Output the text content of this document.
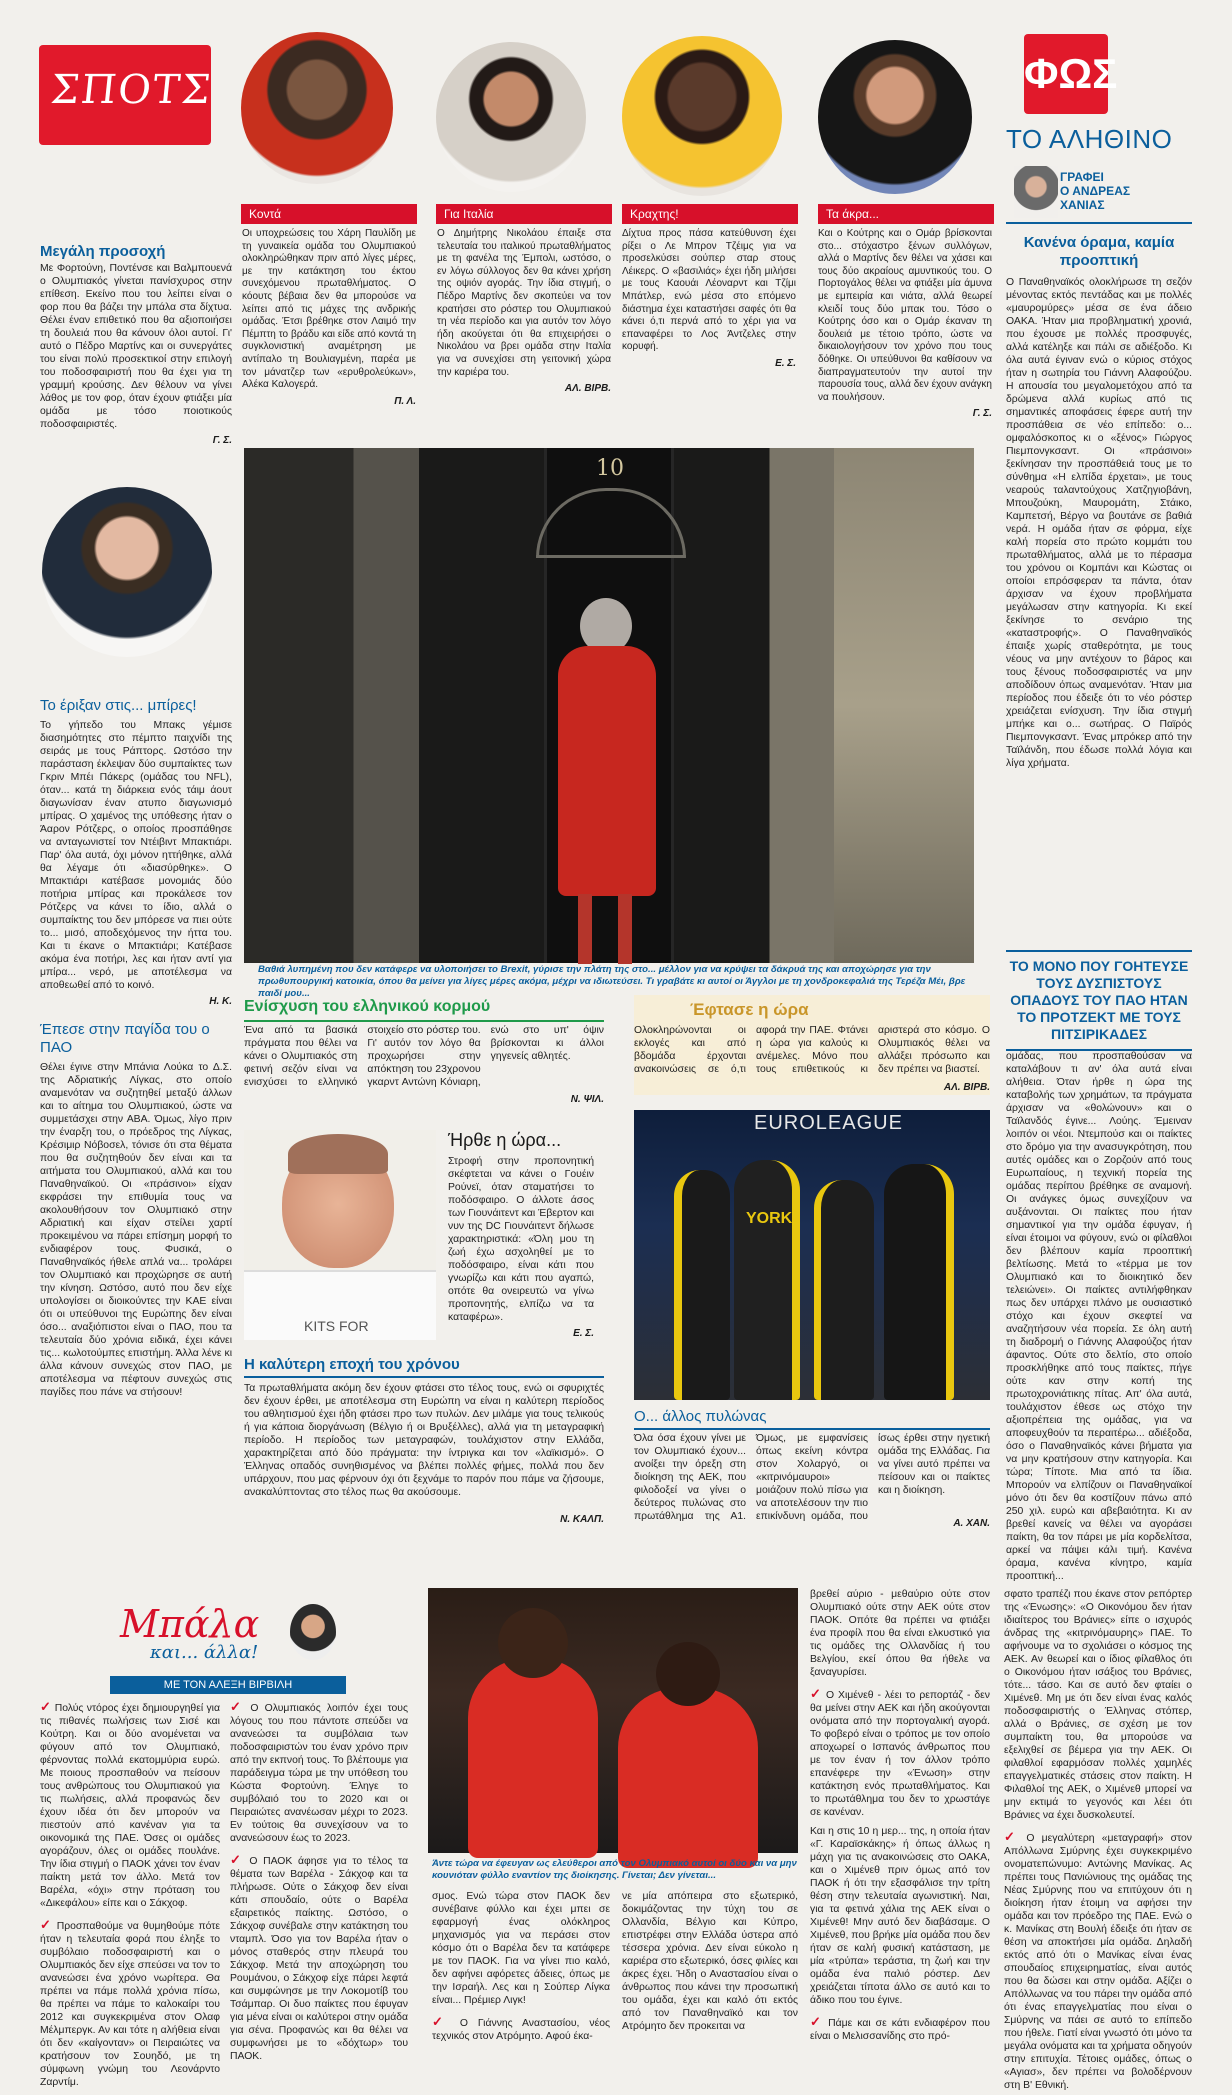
ΣΠΟΤΣ
Κοντά	Για Ιταλία	Κραχτης!	Τα άκρα...
ΦΩΣ
ΤΟ ΑΛΗΘΙΝΟ
ΓΡΑΦΕΙ
Ο ΑΝΔΡΕΑΣ
ΧΑΝΙΑΣ
Μεγάλη προσοχή

Με Φορτούνη, Ποντένσε και Βαλμπουενά ο Ολυμπιακός γίνεται πανίσχυρος στην επίθεση. Εκείνο που του λείπει είναι ο φορ που θα βάζει την μπάλα στα δίχτυα. Θέλει έναν επιθετικό που θα αξιοποιήσει τη δουλειά που θα κάνουν όλοι αυτοί. Γι' αυτό ο Πέδρο Μαρτίνς και οι συνεργάτες του είναι πολύ προσεκτικοί στην επιλογή του ποδοσφαιριστή που θα έχει για τη γραμμή κρούσης. Δεν θέλουν να γίνει λάθος με τον φορ, όταν έχουν φτιάξει μία ομάδα με τόσο ποιοτικούς ποδοσφαιριστές.

Γ. Σ.
Το έριξαν στις... μπίρες!

Το γήπεδο του Μπακς γέμισε διασημότητες στο πέμπτο παιχνίδι της σειράς με τους Ράπτορς. Ωστόσο την παράσταση έκλεψαν δύο συμπαίκτες των Γκριν Μπέι Πάκερς (ομάδας του NFL), όταν... κατά τη διάρκεια ενός τάιμ άουτ διαγωνίσαν έναν ατυπο διαγωνισμό μπίρας. Ο χαμένος της υπόθεσης ήταν ο Άαρον Ρότζερς, ο οποίος προσπάθησε να ανταγωνιστεί τον Ντέιβιντ Μπακτιάρι. Παρ' όλα αυτά, όχι μόνον ηττήθηκε, αλλά θα λέγαμε ότι «διασύρθηκε». Ο Μπακτιάρι κατέβασε μονομιάς δύο ποτήρια μπίρας και προκάλεσε τον Ρότζερς να κάνει το ίδιο, αλλά ο συμπαίκτης του δεν μπόρεσε να πιει ούτε το... μισό, αποδεχόμενος την ήττα του. Και τι έκανε ο Μπακτιάρι; Κατέβασε ακόμα ένα ποτήρι, λες και ήταν αντί για μπίρα... νερό, με αποτέλεσμα να αποθεωθεί από το κοινό.

Η. Κ.
Έπεσε στην παγίδα του ο ΠΑΟ

Θέλει έγινε στην Μπάνια Λούκα το Δ.Σ. της Αδριατικής Λίγκας, στο οποίο αναμενόταν να συζητηθεί μεταξύ άλλων και το αίτημα του Ολυμπιακού, ώστε να συμμετάσχει στην ΑΒΑ. Όμως, λίγο πριν την έναρξη του, ο πρόεδρος της Λίγκας, Κρέσιμιρ Νόβοσελ, τόνισε ότι στα θέματα που θα συζητηθούν δεν είναι και τα αιτήματα του Ολυμπιακού, αλλά και του Παναθηναϊκού. Οι «πράσινοι» είχαν εκφράσει την επιθυμία τους να ακολουθήσουν τον Ολυμπιακό στην Αδριατική και είχαν στείλει χαρτί προκειμένου να πάρει επίσημη μορφή το ενδιαφέρον τους. Φυσικά, ο Παναθηναϊκός ήθελε απλά να... τρολάρει τον Ολυμπιακό και προχώρησε σε αυτή την κίνηση. Ωστόσο, αυτό που δεν είχε υπολογίσει οι διοικούντες την ΚΑΕ είναι ότι οι υπεύθυνοι της Ευρώπης δεν είναι όσο... αναξιόπιστοι είναι ο ΠΑΟ, που τα τελευταία δύο χρόνια ειδικά, έχει κάνει τις... κωλοτούμπες επιστήμη. Άλλα λένε κι άλλα κάνουν συνεχώς στον ΠΑΟ, με αποτέλεσμα να πέφτουν συνεχώς στις παγίδες που πάνε να στήσουν!

Οι υποχρεώσεις του Χάρη Παυλίδη με τη γυναικεία ομάδα του Ολυμπιακού ολοκληρώθηκαν πριν από λίγες μέρες, με την κατάκτηση του έκτου συνεχόμενου πρωταθλήματος. Ο κόουτς βέβαια δεν θα μπορούσε να λείπει από τις μάχες της ανδρικής ομάδας. Έτσι βρέθηκε στον Λαιμό την Πέμπτη το βράδυ και είδε από κοντά τη συγκλονιστική αναμέτρηση με αντίπαλο τη Βουλιαγμένη, παρέα με τον μάνατζερ των «ερυθρολεύκων», Αλέκα Καλογερά.

Π. Λ.

Ο Δημήτρης Νικολάου έπαιξε στα τελευταία του ιταλικού πρωταθλήματος με τη φανέλα της Έμπολι, ωστόσο, ο εν λόγω σύλλογος δεν θα κάνει χρήση της οψιόν αγοράς. Την ίδια στιγμή, ο Πέδρο Μαρτίνς δεν σκοπεύει να τον κρατήσει στο ρόστερ του Ολυμπιακού τη νέα περίοδο και για αυτόν τον λόγο ήδη ακούγεται ότι θα επιχειρήσει ο Νικολάου να βρει ομάδα στην Ιταλία για να συνεχίσει στη γειτονική χώρα την καριέρα του.

ΑΛ. ΒΙΡΒ.

Δίχτυα προς πάσα κατεύθυνση έχει ρίξει ο Λε Μπρον Τζέιμς για να προσελκύσει σούπερ σταρ στους Λέικερς. Ο «βασιλιάς» έχει ήδη μιλήσει με τους Καουάι Λέοναρντ και Τζίμι Μπάτλερ, ενώ μέσα στο επόμενο διάστημα έχει καταστήσει σαφές ότι θα κάνει ό,τι περνά από το χέρι για να επαναφέρει το Λος Άντζελες στην κορυφή.

Ε. Σ.

Και ο Κούτρης και ο Ομάρ βρίσκονται στο... στόχαστρο ξένων συλλόγων, αλλά ο Μαρτίνς δεν θέλει να χάσει και τους δύο ακραίους αμυντικούς του. Ο Πορτογάλος θέλει να φτιάξει μία άμυνα με εμπειρία και νιάτα, αλλά θεωρεί κλειδί τους δύο μπακ του. Τόσο ο Κούτρης όσο και ο Ομάρ έκαναν τη δουλειά με τέτοιο τρόπο, ώστε να δικαιολογήσουν τον χρόνο που τους δόθηκε. Οι υπεύθυνοι θα καθίσουν να διαπραγματευτούν την αυτοί την παρουσία τους, αλλά δεν έχουν ανάγκη να πουλήσουν.

Γ. Σ.
10

Βαθιά λυπημένη που δεν κατάφερε να υλοποιήσει το Brexit, γύρισε την πλάτη της στο... μέλλον για να κρύψει τα δάκρυά της και αποχώρησε για την πρωθυπουργική κατοικία, όπου θα μείνει για λίγες μέρες ακόμα, μέχρι να ιδιωτεύσει. Τι γραβάτε κι αυτοί οι Άγγλοι με τη χονδροκεφαλιά της Τερέζα Μέι, βρε παιδί μου...

Ενίσχυση του ελληνικού κορμού

Ένα από τα βασικά πράγματα που θέλει να κάνει ο Ολυμπιακός στη φετινή σεζόν είναι να ενισχύσει το ελληνικό στοιχείο στο ρόστερ του. Γι' αυτόν τον λόγο θα προχωρήσει στην απόκτηση του 23χρονου γκαρντ Αντώνη Κόνιαρη, ενώ στο υπ' όψιν βρίσκονται κι άλλοι γηγενείς αθλητές.

Ν. ΨΙΛ.
Έφτασε η ώρα

Ολοκληρώνονται οι εκλογές και από βδομάδα έρχονται ανακοινώσεις σε ό,τι αφορά την ΠΑΕ. Φτάνει η ώρα για καλούς κι ανέμελες. Μόνο που τους επιθετικούς κι αριστερά στο κόσμο. Ο Ολυμπιακός θέλει να αλλάξει πρόσωπο και δεν πρέπει να βιαστεί.

ΑΛ. ΒΙΡΒ.
KITS FOR
Ήρθε η ώρα...

Στροφή στην προπονητική σκέφτεται να κάνει ο Γουέιν Ρούνεϊ, όταν σταματήσει το ποδόσφαιρο. Ο άλλοτε άσος των Γιουνάιτεντ και Έβερτον και νυν της DC Γιουνάιτεντ δήλωσε χαρακτηριστικά: «Όλη μου τη ζωή έχω ασχοληθεί με το ποδόσφαιρο, είναι κάτι που γνωρίζω και κάτι που αγαπώ, οπότε θα ονειρευτώ να γίνω προπονητής, ελπίζω να τα καταφέρω».

Ε. Σ.
Η καλύτερη εποχή του χρόνου

Τα πρωταθλήματα ακόμη δεν έχουν φτάσει στο τέλος τους, ενώ οι σφυριχτές δεν έχουν έρθει, με αποτέλεσμα στη Ευρώπη να είναι η καλύτερη περίοδος του αθλητισμού έχει ήδη φτάσει προ των πυλών. Δεν μιλάμε για τους τελικούς ή για κάποια διοργάνωση (Βέλγιο ή οι Βρυξέλλες), αλλά για τη μεταγραφική περίοδο. Η περίοδος των μεταγραφών, τουλάχιστον στην Ελλάδα, χαρακτηρίζεται από δύο πράγματα: την ίντριγκα και τον «λαϊκισμό». Ο Έλληνας οπαδός συνηθισμένος να βλέπει πολλές φήμες, πολλά που δεν υπάρχουν, που μας φέρνουν όχι ότι ξεχνάμε το παρόν που πάμε να ζήσουμε, ανακαλύπτοντας στο τέλος πως θα ακούσουμε.

Ν. ΚΑΛΠ.
EUROLEAGUE
YORK
Ο... άλλος πυλώνας

Όλα όσα έχουν γίνει με τον Ολυμπιακό έχουν... ανοίξει την όρεξη στη διοίκηση της ΑΕΚ, που φιλοδοξεί να γίνει ο δεύτερος πυλώνας στο πρωτάθλημα της Α1. Όμως, με εμφανίσεις όπως εκείνη κόντρα στον Χολαργό, οι «κιτρινόμαυροι» μοιάζουν πολύ πίσω για να αποτελέσουν την πιο επικίνδυνη ομάδα, που ίσως έρθει στην ηγετική ομάδα της Ελλάδας. Για να γίνει αυτό πρέπει να πείσουν και οι παίκτες και η διοίκηση.

Α. ΧΑΝ.
Κανένα όραμα, καμία προοπτική

Ο Παναθηναϊκός ολοκλήρωσε τη σεζόν μένοντας εκτός πεντάδας και με πολλές «μαυρομύρες» μέσα σε ένα άδειο ΟΑΚΑ. Ήταν μια προβληματική χρονιά, που έχουσε με πολλές προσφυγές, αλλά κατέληξε και πάλι σε αδιέξοδο. Κι όλα αυτά έγιναν ενώ ο κύριος στόχος ήταν η σωτηρία του Γιάννη Αλαφούζου. Η απουσία του μεγαλομετόχου από τα δρώμενα αλλά κυρίως από τις σημαντικές αποφάσεις έφερε αυτή την προσπάθεια σε νέο επίπεδο: ο... ομφαλόσκοπος κι ο «ξένος» Γιώργος Πιεμπονγκσαντ. Οι «πράσινοι» ξεκίνησαν την προσπάθειά τους με το σύνθημα «Η ελπίδα έρχεται», με τους νεαρούς ταλαντούχους Χατζηγιοβάνη, Μπουζούκη, Μαυρομάτη, Στάικο, Καμπετσή, Βέργο να βουτάνε σε βαθιά νερά. Η ομάδα ήταν σε φόρμα, είχε καλή πορεία στο πρώτο κομμάτι του πρωταθλήματος, αλλά με το πέρασμα του χρόνου οι Κομπάνι και Κώστας οι οποίοι επρόσφεραν τα πάντα, όταν άρχισαν να έχουν προβλήματα μεγάλωσαν στην κατηγορία. Κι εκεί ξεκίνησε το σενάριο της «καταστροφής». Ο Παναθηναϊκός έπαιξε χωρίς σταθερότητα, με τους νέους να μην αντέχουν το βάρος και τους ξένους ποδοσφαιριστές να μην αποδίδουν όπως αναμενόταν. Ήταν μια περίοδος που έδειξε ότι το νέο ρόστερ χρειάζεται ενίσχυση. Την ίδια στιγμή μπήκε και ο... σωτήρας. Ο Παϊρός Πιεμπονγκσαντ. Ένας μπρόκερ από την Ταϊλάνδη, που έδωσε πολλά λόγια και λίγα χρήματα.

ΤΟ ΜΟΝΟ ΠΟΥ ΓΟΗΤΕΥΣΕ ΤΟΥΣ ΔΥΣΠΙΣΤΟΥΣ ΟΠΑΔΟΥΣ ΤΟΥ ΠΑΟ ΗΤΑΝ ΤΟ ΠΡΟΤΖΕΚΤ ΜΕ ΤΟΥΣ ΠΙΤΣΙΡΙΚΑΔΕΣ

ομάδας, που προσπαθούσαν να καταλάβουν τι αν' όλα αυτά είναι αλήθεια. Όταν ήρθε η ώρα της καταβολής των χρημάτων, τα πράγματα άρχισαν να «θολώνουν» και ο Ταϊλανδός έγινε... Λούης. Έμειναν λοιπόν οι νέοι. Ντεμπούσ και οι παίκτες στο δρόμο για την ανασυγκρότηση, που αυτές ομάδες και ο Ζορζούν από τους Ευρωπαίους, η τεχνική πορεία της ομάδας περίπου βρέθηκε σε αναμονή. Οι ανάγκες όμως συνεχίζουν να αυξάνονται. Οι παίκτες που ήταν σημαντικοί για την ομάδα έφυγαν, ή είναι έτοιμοι να φύγουν, ενώ οι φίλαθλοι δεν βλέπουν καμία προοπτική βελτίωσης. Μετά το «τέρμα με τον Ολυμπιακό και το διοικητικό δεν τελειώνει». Οι παίκτες αντιλήφθηκαν πως δεν υπάρχει πλάνο με ουσιαστικό στόχο και έχουν σκεφτεί να αναζητήσουν νέα πορεία. Σε όλη αυτή τη διαδρομή ο Γιάννης Αλαφούζος ήταν άφαντος. Ούτε στο δελτίο, στο οποίο προσκλήθηκε από τους παίκτες, πήγε ούτε καν στην κοπή της πρωτοχρονιάτικης πίτας. Απ' όλα αυτά, τουλάχιστον έθεσε ως στόχο την αξιοπρέπεια της ομάδας, για να αποφευχθούν τα περαιτέρω... αδιέξοδα, όσο ο Παναθηναϊκός κάνει βήματα για να μην κρατήσουν στην κατηγορία. Και τώρα; Τίποτε. Μια από τα ίδια. Μπορούν να ελπίζουν οι Παναθηναϊκοί μόνο ότι δεν θα κοστίζουν πάνω από 250 χιλ. ευρώ και αβεβαιότητα. Κι αν βρεθεί κανείς να θέλει να αγοράσει παίκτη, θα τον πάρει με μία κορδελίτσα, αρκεί να πάψει κάλι τιμή. Κανένα όραμα, κανένα κίνητρο, καμία προοπτική...

Μπάλα
και... άλλα!
ΜΕ ΤΟΝ ΑΛΕΞΗ ΒΙΡΒΙΛΗ

✓ Πολύς ντόρος έχει δημιουργηθεί για τις πιθανές πωλήσεις των Σισέ και Κούτρη. Και οι δύο ανομένεται να φύγουν από τον Ολυμπιακό, φέρνοντας πολλά εκατομμύρια ευρώ. Με ποιους προσπαθούν να πείσουν τους ανθρώπους του Ολυμπιακού για τις πωλήσεις, αλλά προφανώς δεν έχουν ιδέα ότι δεν μπορούν να πιεστούν από κανέναν για τα οικονομικά της ΠΑΕ. Όσες οι ομάδες αγοράζουν, όλες οι ομάδες πουλάνε. Την ίδια στιγμή ο ΠΑΟΚ χάνει τον έναν παίκτη μετά τον άλλο. Μετά τον Βαρέλα, «όχι» στην πρόταση του «Δικεφάλου» είπε και ο Σάκχοφ.

✓ Προσπαθούμε να θυμηθούμε πότε ήταν η τελευταία φορά που έληξε το συμβόλαιο ποδοσφαιριστή και ο Ολυμπιακός δεν είχε σπεύσει να τον το ανανεώσει ένα χρόνο νωρίτερα. Θα πρέπει να πάμε πολλά χρόνια πίσω, θα πρέπει να πάμε το καλοκαίρι του 2012 και συγκεκριμένα στον Ολαφ Μέλμπεργκ. Αν και τότε η αλήθεια είναι ότι δεν «καίγονταν» οι Πειραιώτες να κρατήσουν τον Σουηδό, με τη σύμφωνη γνώμη του Λεονάρντο Ζαρντίμ.

✓ Ο Ολυμπιακός λοιπόν έχει τους λόγους του που πάντοτε σπεύδει να ανανεώσει τα συμβόλαια των ποδοσφαιριστών του έναν χρόνο πριν από την εκπνοή τους. Το βλέπουμε για παράδειγμα τώρα με την υπόθεση του Κώστα Φορτούνη. Έληγε το συμβόλαιό του το 2020 και οι Πειραιώτες ανανέωσαν μέχρι το 2023. Εν τούτοις θα συνεχίσουν να το ανανεώσουν έως το 2023.

✓ Ο ΠΑΟΚ άφησε για το τέλος τα θέματα των Βαρέλα - Σάκχοφ και τα πλήρωσε. Ούτε ο Σάκχοφ δεν είναι κάτι σπουδαίο, ούτε ο Βαρέλα εξαιρετικός παίκτης. Ωστόσο, ο Σάκχοφ συνέβαλε στην κατάκτηση του νταμπλ. Όσο για τον Βαρέλα ήταν ο μόνος σταθερός στην πλευρά του Σάκχοφ. Μετά την αποχώρηση του Ρουμάνου, ο Σάκχοφ είχε πάρει λεφτά και συμφώνησε με την Λοκομοτίβ του Τσάμπαρ. Οι δυο παίκτες που έφυγαν για μένα είναι οι καλύτεροι στην ομάδα για σένα. Προφανώς και θα θέλει να συμφωνήσει με το «δόχτωρ» του ΠΑΟΚ.

Άντε τώρα να έφευγαν ως ελεύθεροι από τον Ολυμπιακό αυτοί οι δύο και να μην κουνιόταν φύλλο εναντίον της διοίκησης. Γίνεται; Δεν γίνεται...

σμος. Ενώ τώρα στον ΠΑΟΚ δεν συνέβαινε φύλλο και έχει μπει σε εφαρμογή ένας ολόκληρος μηχανισμός για να περάσει στον κόσμο ότι ο Βαρέλα δεν τα κατάφερε με τον ΠΑΟΚ. Για να γίνει πιο καλό, δεν αφήνει αφόρετες άδειες, όπως με την Ισραήλ. Λες και η Σούπερ Λίγκα είναι... Πρέμιερ Λιγκ!

✓ Ο Γιάννης Αναστασίου, νέος τεχνικός στον Ατρόμητο. Αφού έκα-

νε μία απόπειρα στο εξωτερικό, δοκιμάζοντας την τύχη του σε Ολλανδία, Βέλγιο και Κύπρο, επιστρέφει στην Ελλάδα ύστερα από τέσσερα χρόνια. Δεν είναι εύκολο η καριέρα στο εξωτερικό, όσες φιλίες και άκρες έχει. Ήδη ο Αναστασίου είναι ο άνθρωπος που κάνει την προσωπική του ομάδα, έχει και καλό ότι εκτός από τον Παναθηναϊκό και τον Ατρόμητο δεν προκειται να

βρεθεί αύριο - μεθαύριο ούτε στον Ολυμπιακό ούτε στην ΑΕΚ ούτε στον ΠΑΟΚ. Οπότε θα πρέπει να φτιάξει ένα προφίλ που θα είναι ελκυστικό για τις ομάδες της Ολλανδίας ή του Βελγίου, εκεί όπου θα ήθελε να ξαναγυρίσει.

✓ Ο Χιμένεθ - λέει το ρεπορτάζ - δεν θα μείνει στην ΑΕΚ και ήδη ακούγονται ονόματα από την πορτογαλική αγορά. Το φοβερό είναι ο τρόπος με τον οποίο αποχωρεί ο Ισπανός άνθρωπος που με τον έναν ή τον άλλον τρόπο επανέφερε την «Ένωση» στην κατάκτηση ενός πρωταθλήματος. Και το πρωτάθλημα του δεν το χρωστάγε σε κανέναν.

Και η στις 10 η μερ... της, η οποία ήταν «Γ. Καραϊσκάκης» ή όπως άλλως η μάχη για τις ανακοινώσεις στο ΟΑΚΑ, και ο Χιμένεθ πριν όμως από τον ΠΑΟΚ ή ότι την εξασφάλισε την τρίτη θέση στην τελευταία αγωνιστική. Ναι, για τα φετινά χάλια της ΑΕΚ είναι ο Χιμένεθ! Μην αυτό δεν διαβάσαμε. Ο Χιμένεθ, που βρήκε μία ομάδα που δεν ήταν σε καλή φυσική κατάσταση, με μία «τρύπα» τεράστια, τη ζωή και την ομάδα ένα παλιό ρόστερ. Δεν χρειάζεται τίποτα άλλο σε αυτό και το άδικο που του έγινε.

✓ Πάμε και σε κάτι ενδιαφέρον που είναι ο Μελισσανίδης στο πρό-

σφατο τραπέζι που έκανε στον ρεπόρτερ της «Ένωσης»: «Ο Οικονόμου δεν ήταν ιδιαίτερος του Βράνιες» είπε ο ισχυρός άνδρας της «κιτρινόμαυρης» ΠΑΕ. Το αφήνουμε να το σχολιάσει ο κόσμος της ΑΕΚ. Αν θεωρεί και ο ίδιος φίλαθλος ότι ο Οικονόμου ήταν ισάξιος του Βράνιες, τότε... τάσο. Και σε αυτό δεν φταίει ο Χιμένεθ. Μη με ότι δεν είναι ένας καλός ποδοσφαιριστής ο Έλληνας στόπερ, αλλά ο Βράνιες, σε σχέση με τον συμπαίκτη του, θα μπορούσε να εξελιχθεί σε βέμερα για την ΑΕΚ. Οι φιλαθλοί εφαρμόσαν πολλές χαμηλές επαγγελματικές στάσεις στον παίκτη. Η Φιλαθλοί της ΑΕΚ, ο Χιμένεθ μπορεί να μην εκτιμά το γεγονός και λέει ότι Βράνιες να έχει δυσκολευτεί.

✓ Ο μεγαλύτερη «μεταγραφή» στον Απόλλωνα Σμύρνης έχει συγκεκριμένο ονοματεπώνυμο: Αντώνης Μανίκας. Ας πρέπει τους Πανιώνιους της ομάδας της Νέας Σμύρνης που να επιτύχουν ότι η διοίκηση ήταν έτοιμη να αφήσει την ομάδα και τον πρόεδρο της ΠΑΕ. Ενώ ο κ. Μανίκας στη Βουλή έδειξε ότι ήταν σε θέση να αποκτήσει μία ομάδα. Δηλαδή εκτός από ότι ο Μανίκας είναι ένας σπουδαίος επιχειρηματίας, είναι αυτός που θα δώσει και στην ομάδα. Αξίζει ο Απόλλωνας να του πάρει την ομάδα από ότι ένας επαγγελματίας που είναι ο Σμύρνης να πάει σε αυτό το επίπεδο που ήθελε. Γιατί είναι γνωστό ότι μόνο τα μεγάλα ονόματα και τα χρήματα οδηγούν στην επιτυχία. Τέτοιες ομάδες, όπως ο «Αγιασ», δεν πρέπει να βολοδέρνουν στη Β' Εθνική.
